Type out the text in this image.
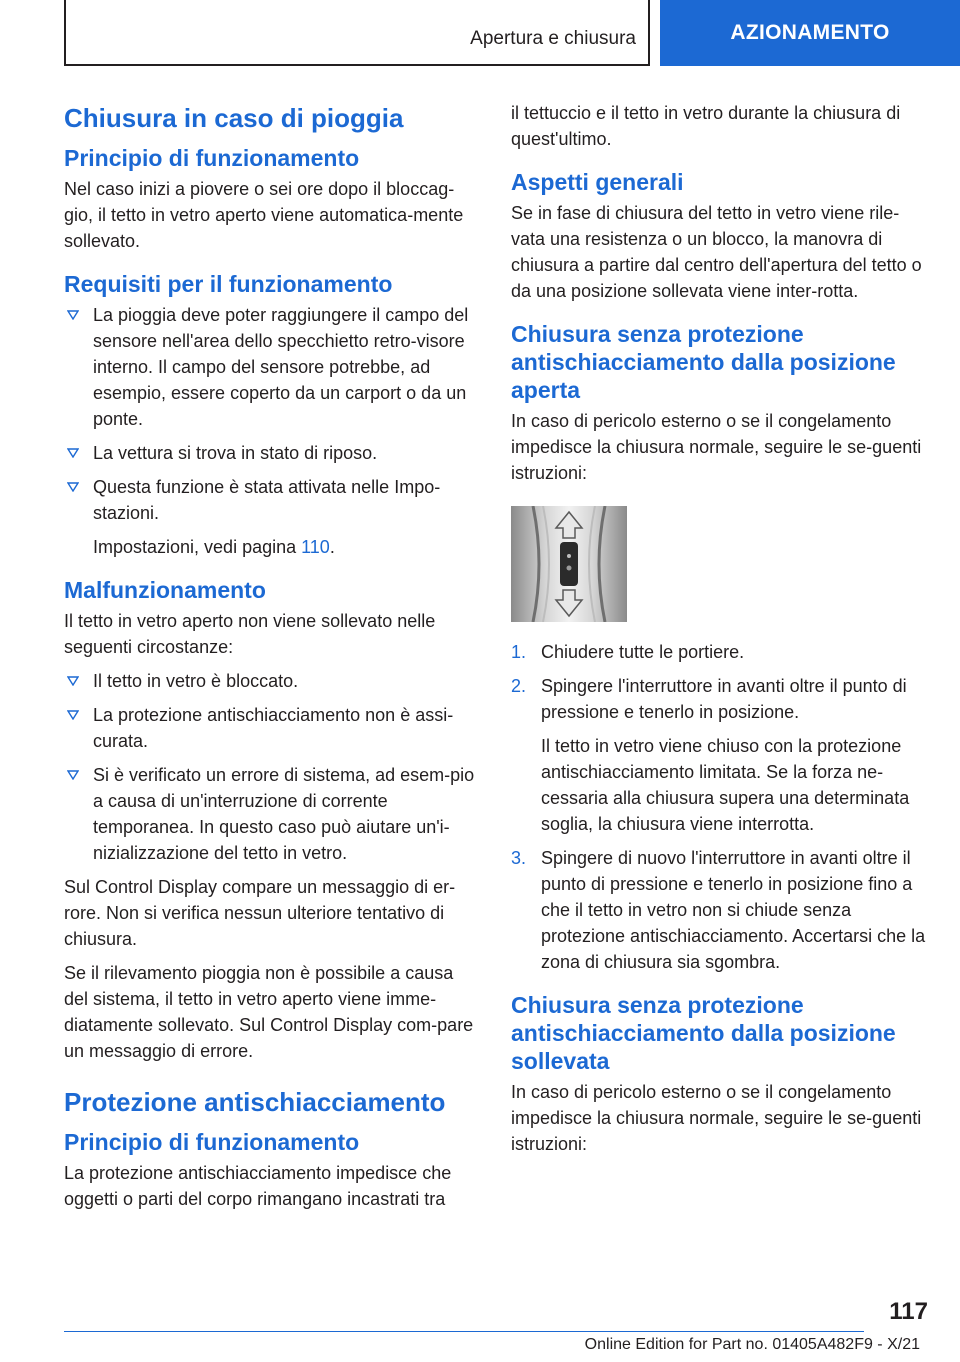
Apertura e chiusura	AZIONAMENTO
Chiusura in caso di pioggia
Principio di funzionamento

Nel caso inizi a piovere o sei ore dopo il bloccag-gio, il tetto in vetro aperto viene automatica-mente sollevato.

Requisiti per il funzionamento
La pioggia deve poter raggiungere il campo del sensore nell'area dello specchietto retro-visore interno. Il campo del sensore potrebbe, ad esempio, essere coperto da un carport o da un ponte.
La vettura si trova in stato di riposo.
Questa funzione è stata attivata nelle Impo-stazioni.
Impostazioni, vedi pagina 110.
Malfunzionamento

Il tetto in vetro aperto non viene sollevato nelle seguenti circostanze:

Il tetto in vetro è bloccato.
La protezione antischiacciamento non è assi-curata.
Si è verificato un errore di sistema, ad esem-pio a causa di un'interruzione di corrente temporanea. In questo caso può aiutare un'i-nizializzazione del tetto in vetro.

Sul Control Display compare un messaggio di er-rore. Non si verifica nessun ulteriore tentativo di chiusura.

Se il rilevamento pioggia non è possibile a causa del sistema, il tetto in vetro aperto viene imme-diatamente sollevato. Sul Control Display com-pare un messaggio di errore.

Protezione antischiacciamento
Principio di funzionamento

La protezione antischiacciamento impedisce che oggetti o parti del corpo rimangano incastrati tra

il tettuccio e il tetto in vetro durante la chiusura di quest'ultimo.

Aspetti generali

Se in fase di chiusura del tetto in vetro viene rile-vata una resistenza o un blocco, la manovra di chiusura a partire dal centro dell'apertura del tetto o da una posizione sollevata viene inter-rotta.

Chiusura senza protezione antischiacciamento dalla posizione aperta

In caso di pericolo esterno o se il congelamento impedisce la chiusura normale, seguire le se-guenti istruzioni:

1. Chiudere tutte le portiere.
2. Spingere l'interruttore in avanti oltre il punto di pressione e tenerlo in posizione.
Il tetto in vetro viene chiuso con la protezione antischiacciamento limitata. Se la forza ne-cessaria alla chiusura supera una determinata soglia, la chiusura viene interrotta.
3. Spingere di nuovo l'interruttore in avanti oltre il punto di pressione e tenerlo in posizione fino a che il tetto in vetro non si chiude senza protezione antischiacciamento. Accertarsi che la zona di chiusura sia sgombra.
Chiusura senza protezione antischiacciamento dalla posizione sollevata

In caso di pericolo esterno o se il congelamento impedisce la chiusura normale, seguire le se-guenti istruzioni:

117
Online Edition for Part no. 01405A482F9 - X/21
